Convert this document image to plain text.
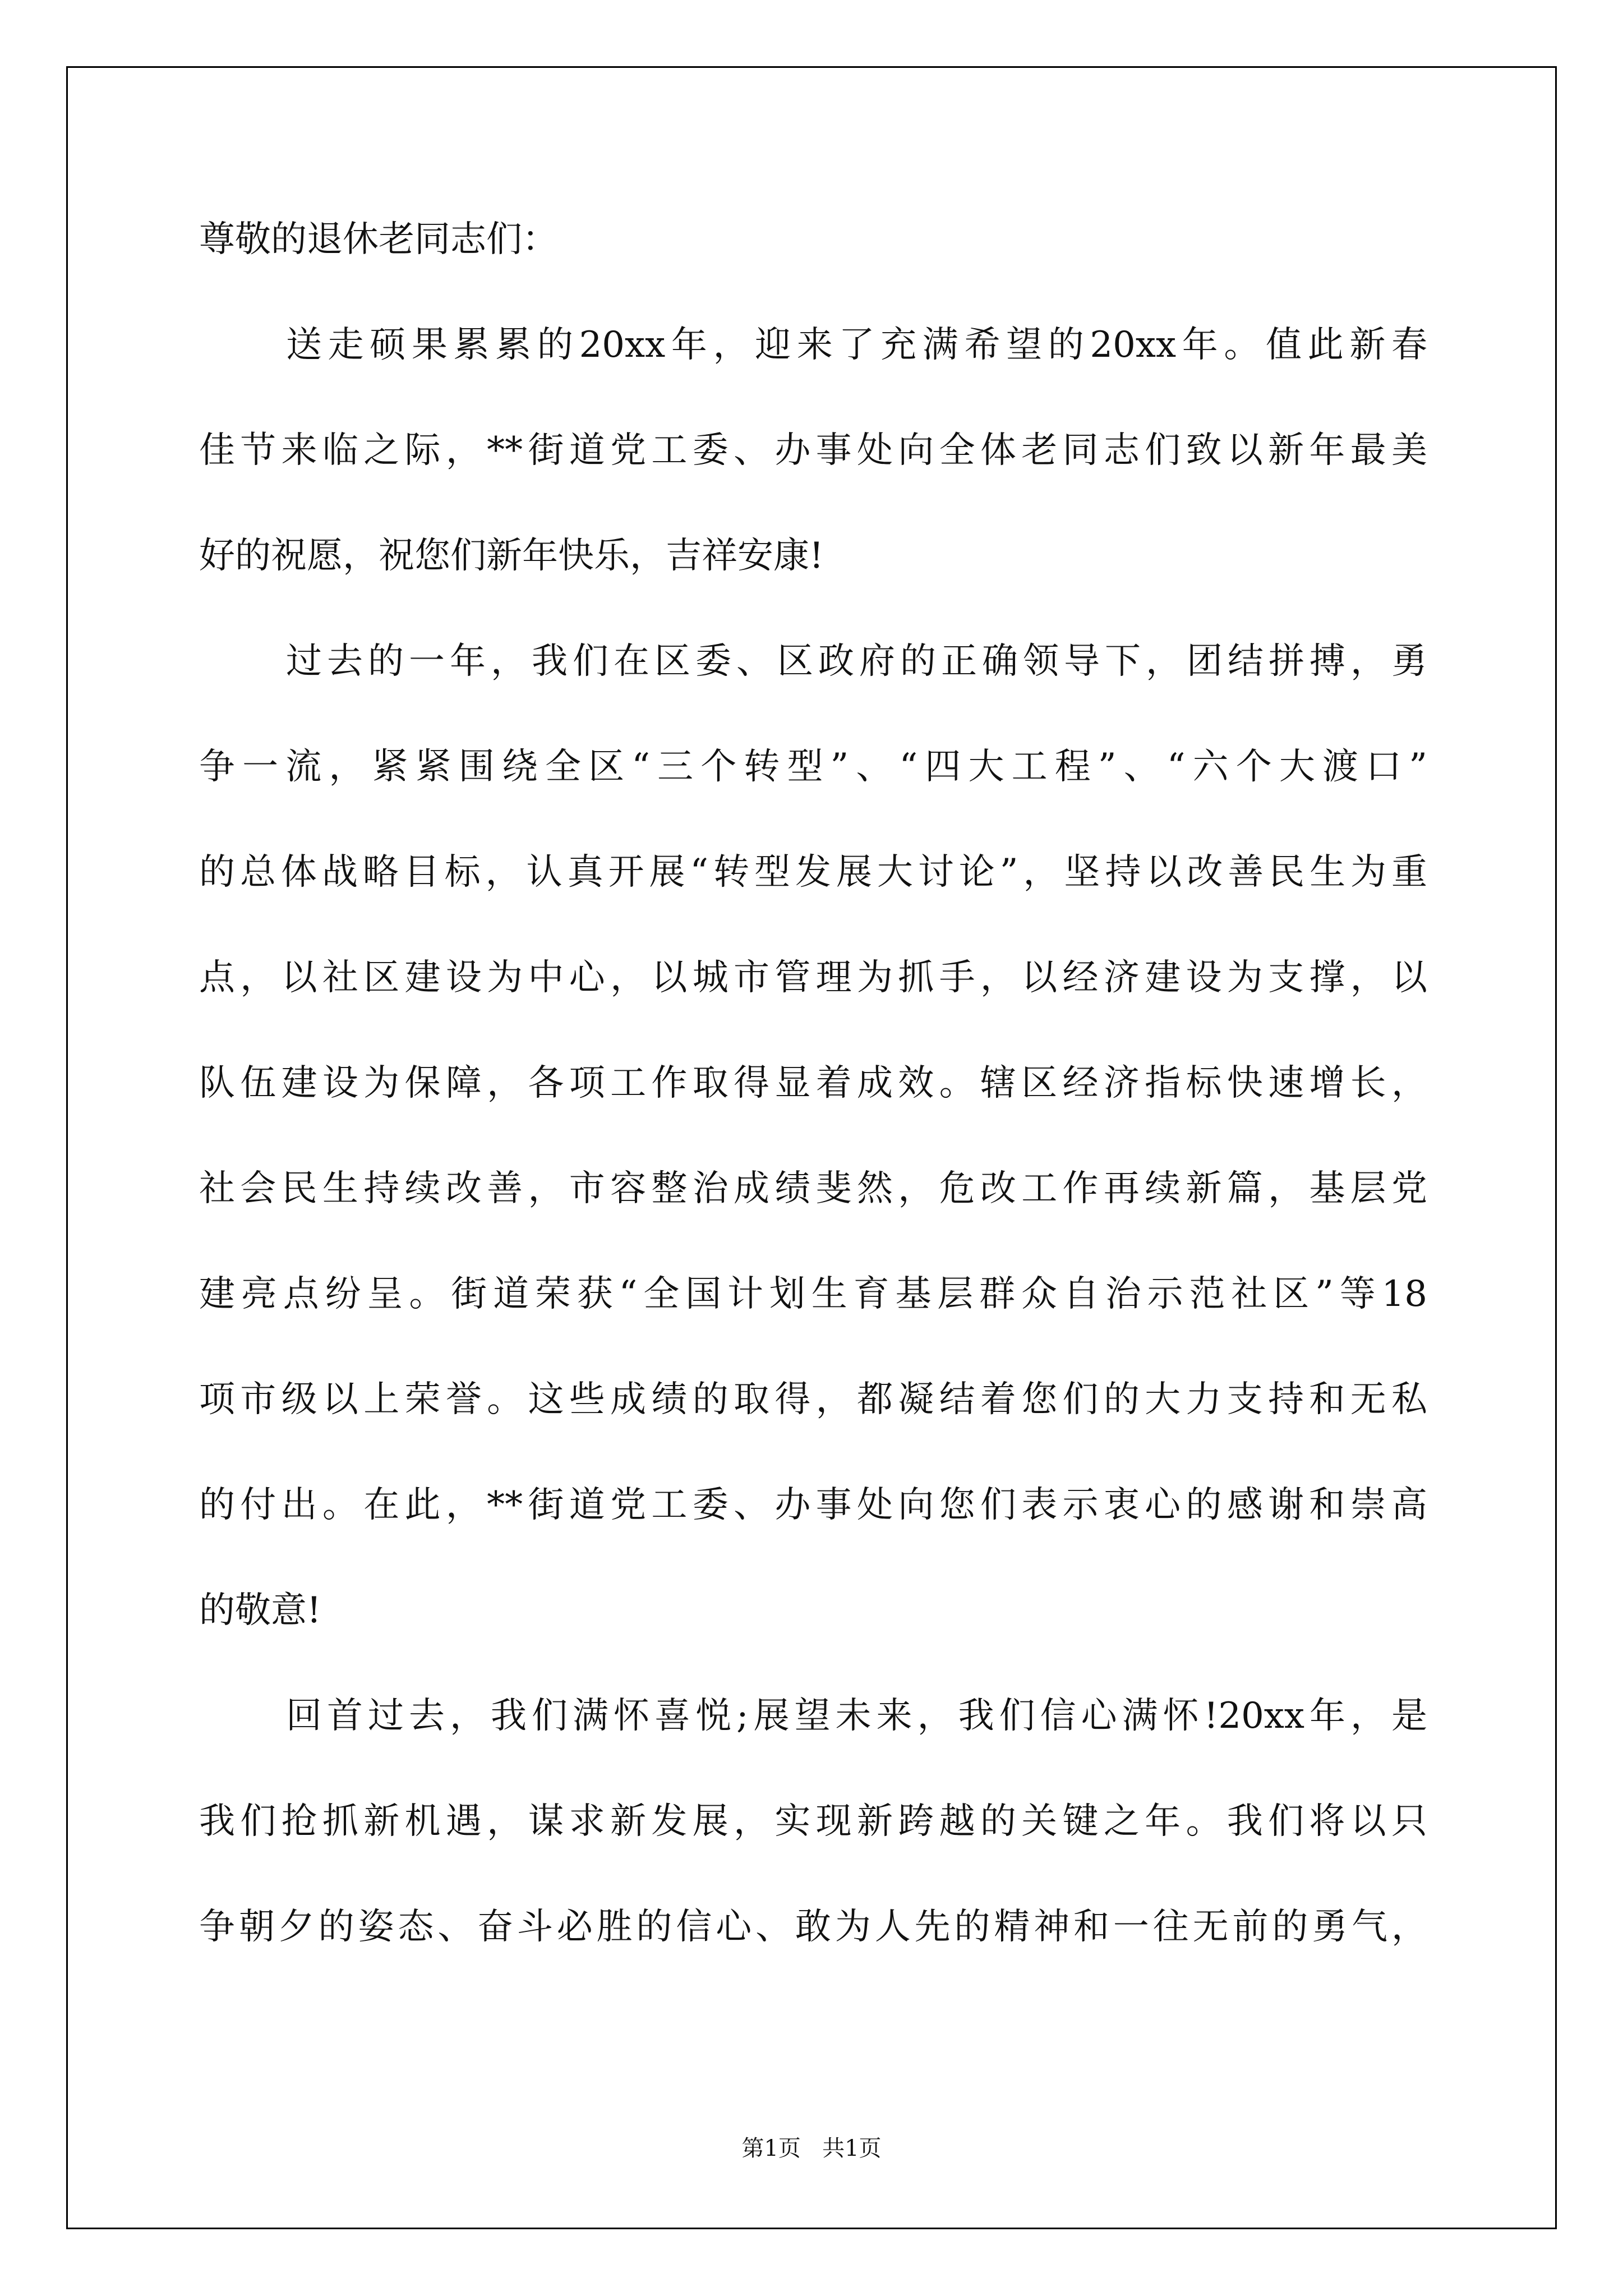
尊敬的退休老同志们：
送走硕果累累的20xx年，迎来了充满希望的20xx年。值此新春
佳节来临之际，**街道党工委、办事处向全体老同志们致以新年最美
好的祝愿，祝您们新年快乐，吉祥安康!
过去的一年，我们在区委、区政府的正确领导下，团结拼搏，勇
争一流，紧紧围绕全区“三个转型”、“四大工程”、“六个大渡口”
的总体战略目标，认真开展“转型发展大讨论”，坚持以改善民生为重
点，以社区建设为中心，以城市管理为抓手，以经济建设为支撑，以
队伍建设为保障，各项工作取得显着成效。辖区经济指标快速增长，
社会民生持续改善，市容整治成绩斐然，危改工作再续新篇，基层党
建亮点纷呈。街道荣获“全国计划生育基层群众自治示范社区”等18
项市级以上荣誉。这些成绩的取得，都凝结着您们的大力支持和无私
的付出。在此，**街道党工委、办事处向您们表示衷心的感谢和崇高
的敬意!
回首过去，我们满怀喜悦;展望未来，我们信心满怀!20xx年，是
我们抢抓新机遇，谋求新发展，实现新跨越的关键之年。我们将以只
争朝夕的姿态、奋斗必胜的信心、敢为人先的精神和一往无前的勇气，
第1页 共1页
